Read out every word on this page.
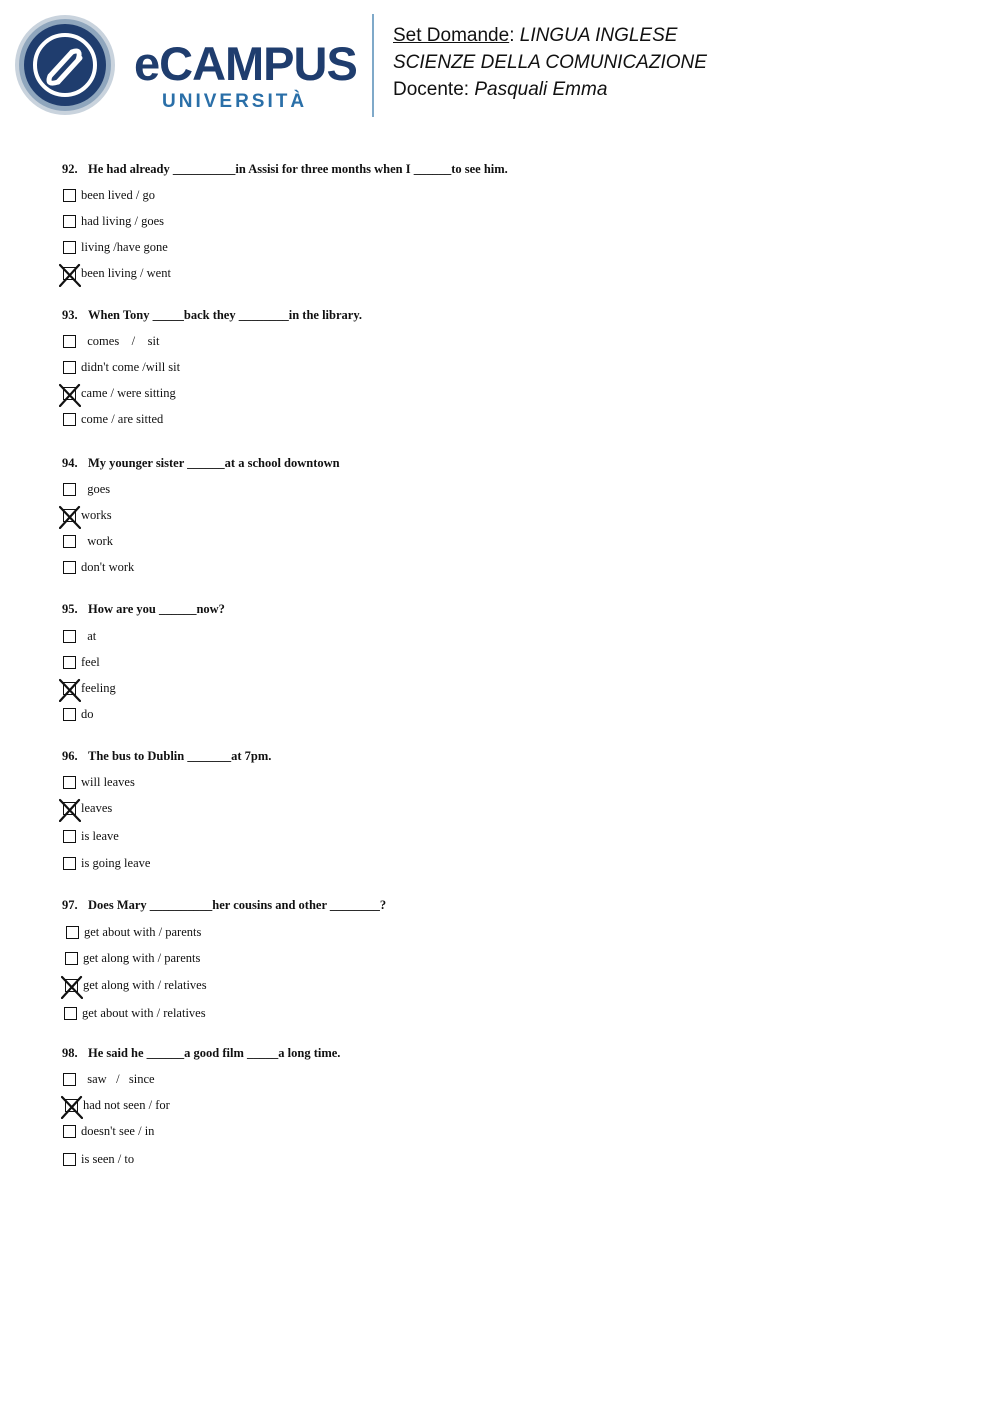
eCAMPUS
UNIVERSITÀ
Set Domande: LINGUA INGLESE
SCIENZE DELLA COMUNICAZIONE
Docente: Pasquali Emma
92. He had already __________in Assisi for three months when I ______to see him.
been lived / go
had living / goes
living /have gone
been living / went
93. When Tony _____back they ________in the library.
comes    /    sit
didn't come /will sit
came / were sitting
come / are sitted
94. My younger sister ______at a school downtown
goes
works
work
don't work
95. How are you ______now?
at
feel
feeling
do
96. The bus to Dublin _______at 7pm.
will leaves
leaves
is leave
is going leave
97. Does Mary __________her cousins and other ________?
get about with / parents
get along with / parents
get along with / relatives
get about with / relatives
98. He said he ______a good film _____a long time.
saw   /   since
had not seen / for
doesn't see / in
is seen / to
